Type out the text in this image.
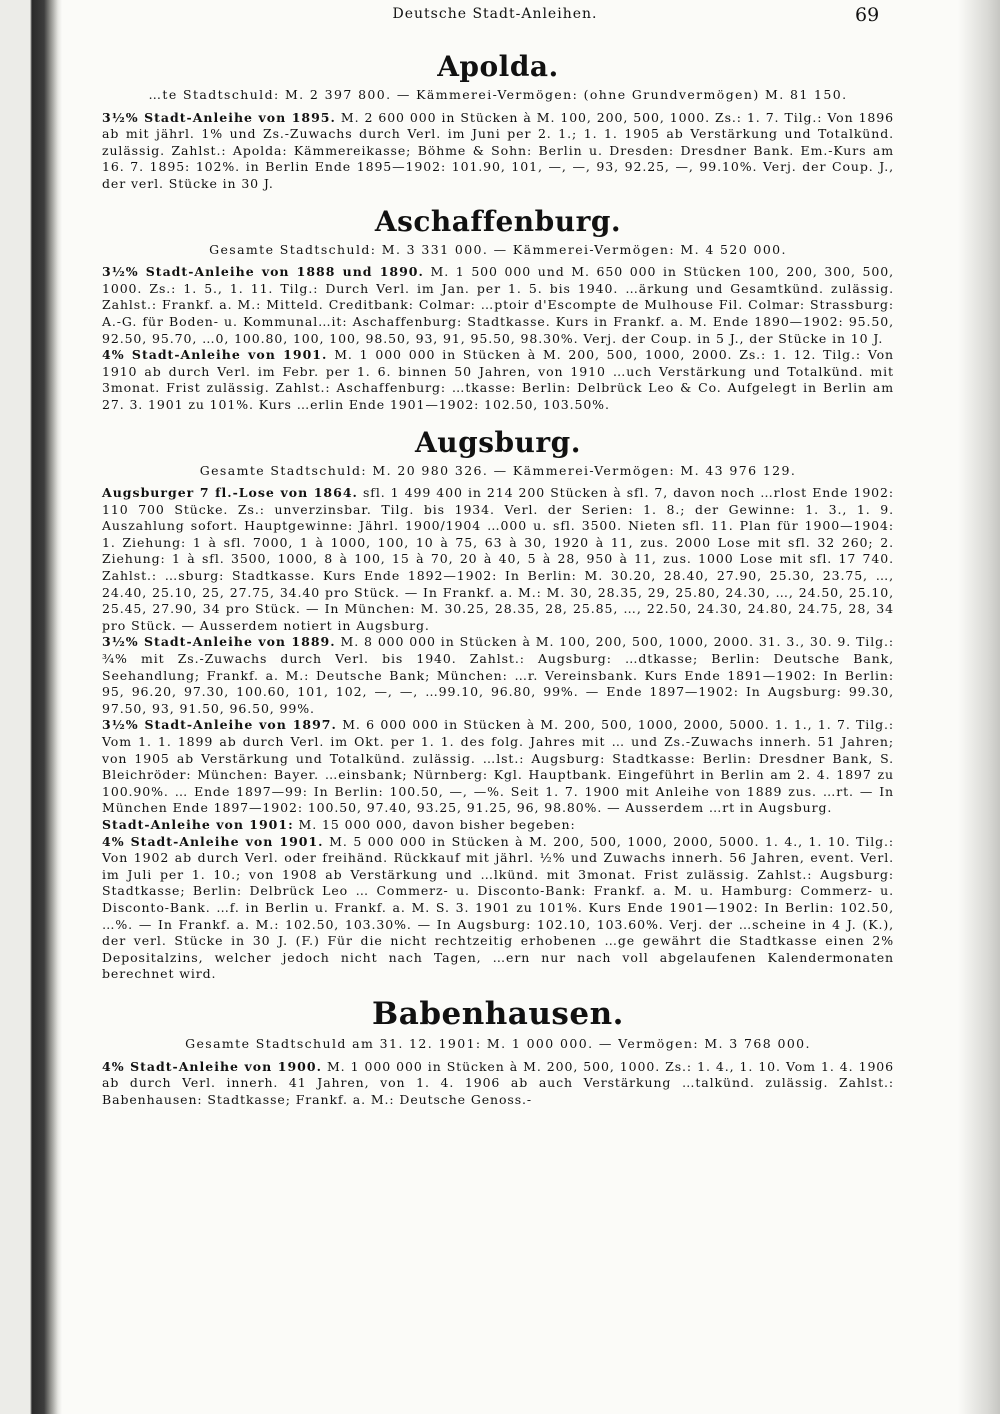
Deutsche Stadt-Anleihen.	69
Apolda.

…te Stadtschuld: M. 2 397 800. — Kämmerei-Vermögen: (ohne Grundvermögen) M. 81 150.

3½% Stadt-Anleihe von 1895. M. 2 600 000 in Stücken à M. 100, 200, 500, 1000. Zs.: 1. 7. Tilg.: Von 1896 ab mit jährl. 1% und Zs.-Zuwachs durch Verl. im Juni per 2. 1.; 1. 1. 1905 ab Verstärkung und Totalkünd. zulässig. Zahlst.: Apolda: Kämmereikasse; Böhme & Sohn: Berlin u. Dresden: Dresdner Bank. Em.-Kurs am 16. 7. 1895: 102%. in Berlin Ende 1895—1902: 101.90, 101, —, —, 93, 92.25, —, 99.10%. Verj. der Coup. J., der verl. Stücke in 30 J.

Aschaffenburg.

Gesamte Stadtschuld: M. 3 331 000. — Kämmerei-Vermögen: M. 4 520 000.

3½% Stadt-Anleihe von 1888 und 1890. M. 1 500 000 und M. 650 000 in Stücken 100, 200, 300, 500, 1000. Zs.: 1. 5., 1. 11. Tilg.: Durch Verl. im Jan. per 1. 5. bis 1940. …ärkung und Gesamtkünd. zulässig. Zahlst.: Frankf. a. M.: Mitteld. Creditbank: Colmar: …ptoir d'Escompte de Mulhouse Fil. Colmar: Strassburg: A.-G. für Boden- u. Kommunal…it: Aschaffenburg: Stadtkasse. Kurs in Frankf. a. M. Ende 1890—1902: 95.50, 92.50, 95.70, …0, 100.80, 100, 100, 98.50, 93, 91, 95.50, 98.30%. Verj. der Coup. in 5 J., der Stücke in 10 J.

4% Stadt-Anleihe von 1901. M. 1 000 000 in Stücken à M. 200, 500, 1000, 2000. Zs.: 1. 12. Tilg.: Von 1910 ab durch Verl. im Febr. per 1. 6. binnen 50 Jahren, von 1910 …uch Verstärkung und Totalkünd. mit 3monat. Frist zulässig. Zahlst.: Aschaffenburg: …tkasse: Berlin: Delbrück Leo & Co. Aufgelegt in Berlin am 27. 3. 1901 zu 101%. Kurs …erlin Ende 1901—1902: 102.50, 103.50%.

Augsburg.

Gesamte Stadtschuld: M. 20 980 326. — Kämmerei-Vermögen: M. 43 976 129.

Augsburger 7 fl.-Lose von 1864. sfl. 1 499 400 in 214 200 Stücken à sfl. 7, davon noch …rlost Ende 1902: 110 700 Stücke. Zs.: unverzinsbar. Tilg. bis 1934. Verl. der Serien: 1. 8.; der Gewinne: 1. 3., 1. 9. Auszahlung sofort. Hauptgewinne: Jährl. 1900/1904 …000 u. sfl. 3500. Nieten sfl. 11. Plan für 1900—1904: 1. Ziehung: 1 à sfl. 7000, 1 à 1000, 100, 10 à 75, 63 à 30, 1920 à 11, zus. 2000 Lose mit sfl. 32 260; 2. Ziehung: 1 à sfl. 3500, 1000, 8 à 100, 15 à 70, 20 à 40, 5 à 28, 950 à 11, zus. 1000 Lose mit sfl. 17 740. Zahlst.: …sburg: Stadtkasse. Kurs Ende 1892—1902: In Berlin: M. 30.20, 28.40, 27.90, 25.30, 23.75, …, 24.40, 25.10, 25, 27.75, 34.40 pro Stück. — In Frankf. a. M.: M. 30, 28.35, 29, 25.80, 24.30, …, 24.50, 25.10, 25.45, 27.90, 34 pro Stück. — In München: M. 30.25, 28.35, 28, 25.85, …, 22.50, 24.30, 24.80, 24.75, 28, 34 pro Stück. — Ausserdem notiert in Augsburg.

3½% Stadt-Anleihe von 1889. M. 8 000 000 in Stücken à M. 100, 200, 500, 1000, 2000. 31. 3., 30. 9. Tilg.: ¾% mit Zs.-Zuwachs durch Verl. bis 1940. Zahlst.: Augsburg: …dtkasse; Berlin: Deutsche Bank, Seehandlung; Frankf. a. M.: Deutsche Bank; München: …r. Vereinsbank. Kurs Ende 1891—1902: In Berlin: 95, 96.20, 97.30, 100.60, 101, 102, —, —, …99.10, 96.80, 99%. — Ende 1897—1902: In Augsburg: 99.30, 97.50, 93, 91.50, 96.50, 99%.

3½% Stadt-Anleihe von 1897. M. 6 000 000 in Stücken à M. 200, 500, 1000, 2000, 5000. 1. 1., 1. 7. Tilg.: Vom 1. 1. 1899 ab durch Verl. im Okt. per 1. 1. des folg. Jahres mit … und Zs.-Zuwachs innerh. 51 Jahren; von 1905 ab Verstärkung und Totalkünd. zulässig. …lst.: Augsburg: Stadtkasse: Berlin: Dresdner Bank, S. Bleichröder: München: Bayer. …einsbank; Nürnberg: Kgl. Hauptbank. Eingeführt in Berlin am 2. 4. 1897 zu 100.90%. … Ende 1897—99: In Berlin: 100.50, —, —%. Seit 1. 7. 1900 mit Anleihe von 1889 zus. …rt. — In München Ende 1897—1902: 100.50, 97.40, 93.25, 91.25, 96, 98.80%. — Ausserdem …rt in Augsburg.

Stadt-Anleihe von 1901: M. 15 000 000, davon bisher begeben:

4% Stadt-Anleihe von 1901. M. 5 000 000 in Stücken à M. 200, 500, 1000, 2000, 5000. 1. 4., 1. 10. Tilg.: Von 1902 ab durch Verl. oder freihänd. Rückkauf mit jährl. ½% und Zuwachs innerh. 56 Jahren, event. Verl. im Juli per 1. 10.; von 1908 ab Verstärkung und …lkünd. mit 3monat. Frist zulässig. Zahlst.: Augsburg: Stadtkasse; Berlin: Delbrück Leo … Commerz- u. Disconto-Bank: Frankf. a. M. u. Hamburg: Commerz- u. Disconto-Bank. …f. in Berlin u. Frankf. a. M. S. 3. 1901 zu 101%. Kurs Ende 1901—1902: In Berlin: 102.50, …%. — In Frankf. a. M.: 102.50, 103.30%. — In Augsburg: 102.10, 103.60%. Verj. der …scheine in 4 J. (K.), der verl. Stücke in 30 J. (F.) Für die nicht rechtzeitig erhobenen …ge gewährt die Stadtkasse einen 2% Depositalzins, welcher jedoch nicht nach Tagen, …ern nur nach voll abgelaufenen Kalendermonaten berechnet wird.

Babenhausen.

Gesamte Stadtschuld am 31. 12. 1901: M. 1 000 000. — Vermögen: M. 3 768 000.

4% Stadt-Anleihe von 1900. M. 1 000 000 in Stücken à M. 200, 500, 1000. Zs.: 1. 4., 1. 10. Vom 1. 4. 1906 ab durch Verl. innerh. 41 Jahren, von 1. 4. 1906 ab auch Verstärkung …talkünd. zulässig. Zahlst.: Babenhausen: Stadtkasse; Frankf. a. M.: Deutsche Genoss.-
